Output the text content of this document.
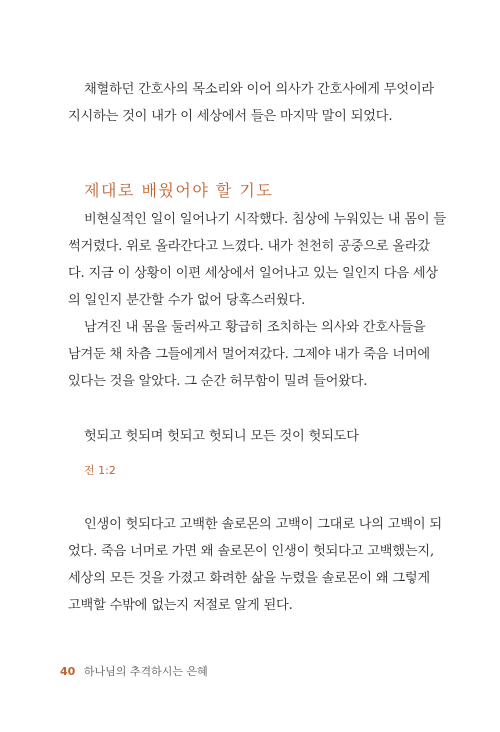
채혈하던 간호사의 목소리와 이어 의사가 간호사에게 무엇이라
지시하는 것이 내가 이 세상에서 들은 마지막 말이 되었다.

제대로 배웠어야 할 기도

비현실적인 일이 일어나기 시작했다. 침상에 누워있는 내 몸이 들
썩거렸다. 위로 올라간다고 느꼈다. 내가 천천히 공중으로 올라갔
다. 지금 이 상황이 이편 세상에서 일어나고 있는 일인지 다음 세상
의 일인지 분간할 수가 없어 당혹스러웠다.

남겨진 내 몸을 둘러싸고 황급히 조치하는 의사와 간호사들을
남겨둔 채 차츰 그들에게서 멀어져갔다. 그제야 내가 죽음 너머에
있다는 것을 알았다. 그 순간 허무함이 밀려 들어왔다.

헛되고 헛되며 헛되고 헛되니 모든 것이 헛되도다

전 1:2

인생이 헛되다고 고백한 솔로몬의 고백이 그대로 나의 고백이 되
었다. 죽음 너머로 가면 왜 솔로몬이 인생이 헛되다고 고백했는지,
세상의 모든 것을 가졌고 화려한 삶을 누렸을 솔로몬이 왜 그렇게
고백할 수밖에 없는지 저절로 알게 된다.

40 하나님의 추격하시는 은혜
